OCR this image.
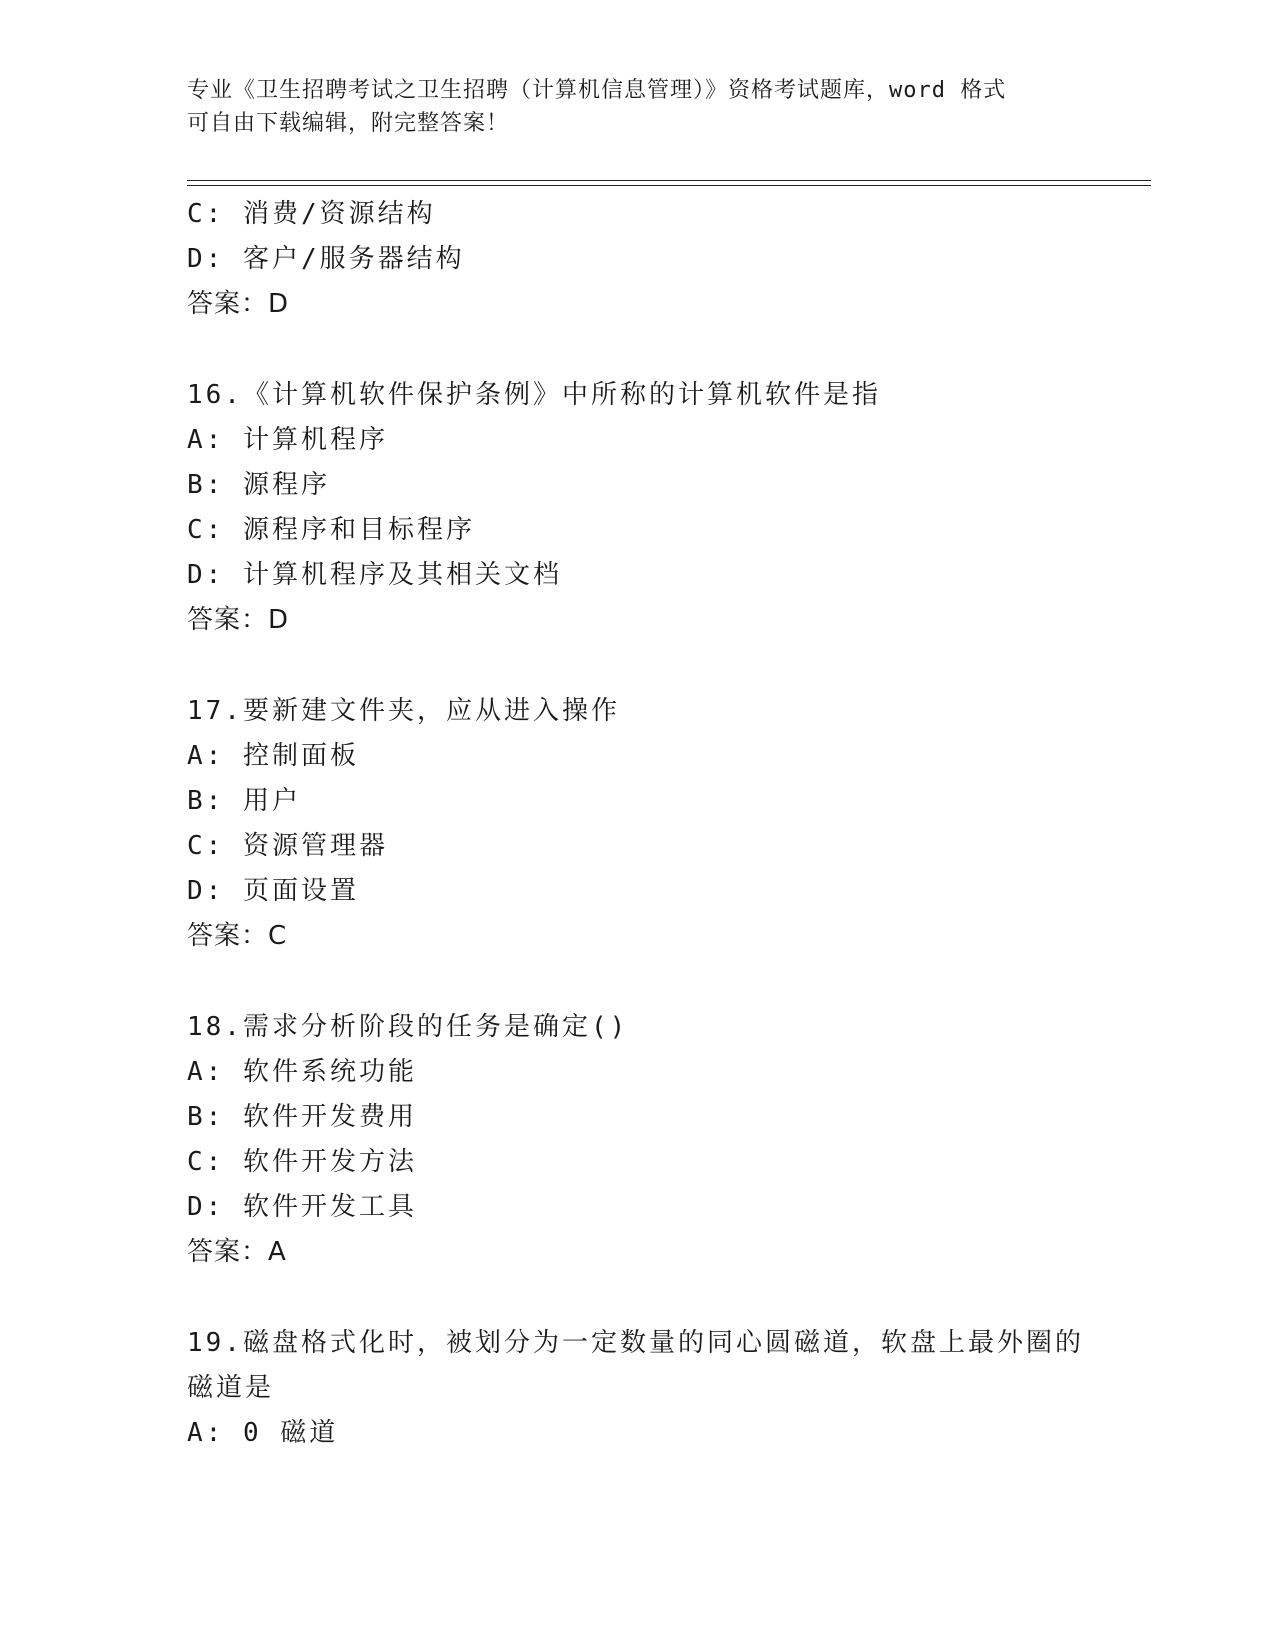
专业《卫生招聘考试之卫生招聘（计算机信息管理）》资格考试题库，word 格式
可自由下载编辑，附完整答案！
C: 消费/资源结构
D: 客户/服务器结构
答案：D
16.《计算机软件保护条例》中所称的计算机软件是指
A: 计算机程序
B: 源程序
C: 源程序和目标程序
D: 计算机程序及其相关文档
答案：D
17.要新建文件夹，应从进入操作
A: 控制面板
B: 用户
C: 资源管理器
D: 页面设置
答案：C
18.需求分析阶段的任务是确定()
A: 软件系统功能
B: 软件开发费用
C: 软件开发方法
D: 软件开发工具
答案：A
19.磁盘格式化时，被划分为一定数量的同心圆磁道，软盘上最外圈的
磁道是
A: 0 磁道
